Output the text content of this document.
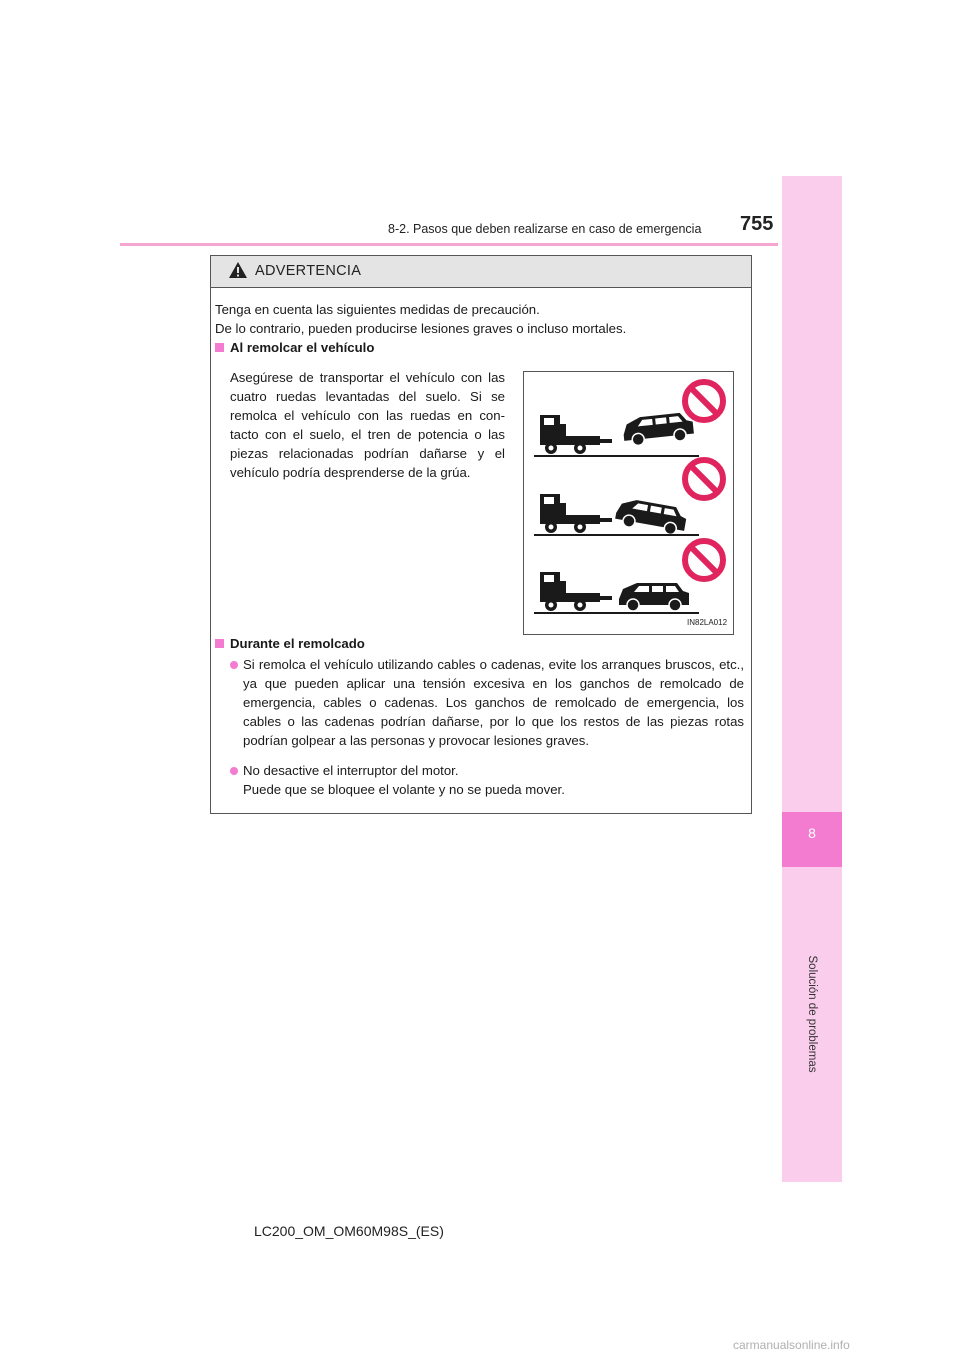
8-2. Pasos que deben realizarse en caso de emergencia 755
8
Solución de problemas
ADVERTENCIA
Tenga en cuenta las siguientes medidas de precaución.
De lo contrario, pueden producirse lesiones graves o incluso mortales.
Al remolcar el vehículo
Asegúrese de transportar el vehículo con las cuatro ruedas levantadas del suelo. Si se remolca el vehículo con las ruedas en con-tacto con el suelo, el tren de potencia o las piezas relacionadas podrían dañarse y el vehículo podría desprenderse de la grúa.
IN82LA012
Durante el remolcado
Si remolca el vehículo utilizando cables o cadenas, evite los arranques bruscos, etc., ya que pueden aplicar una tensión excesiva en los ganchos de remolcado de emergencia, cables o cadenas. Los ganchos de remolcado de emergencia, los cables o las cadenas podrían dañarse, por lo que los restos de las piezas rotas podrían golpear a las personas y provocar lesiones graves.
No desactive el interruptor del motor.
Puede que se bloquee el volante y no se pueda mover.
LC200_OM_OM60M98S_(ES)
carmanualsonline.info
